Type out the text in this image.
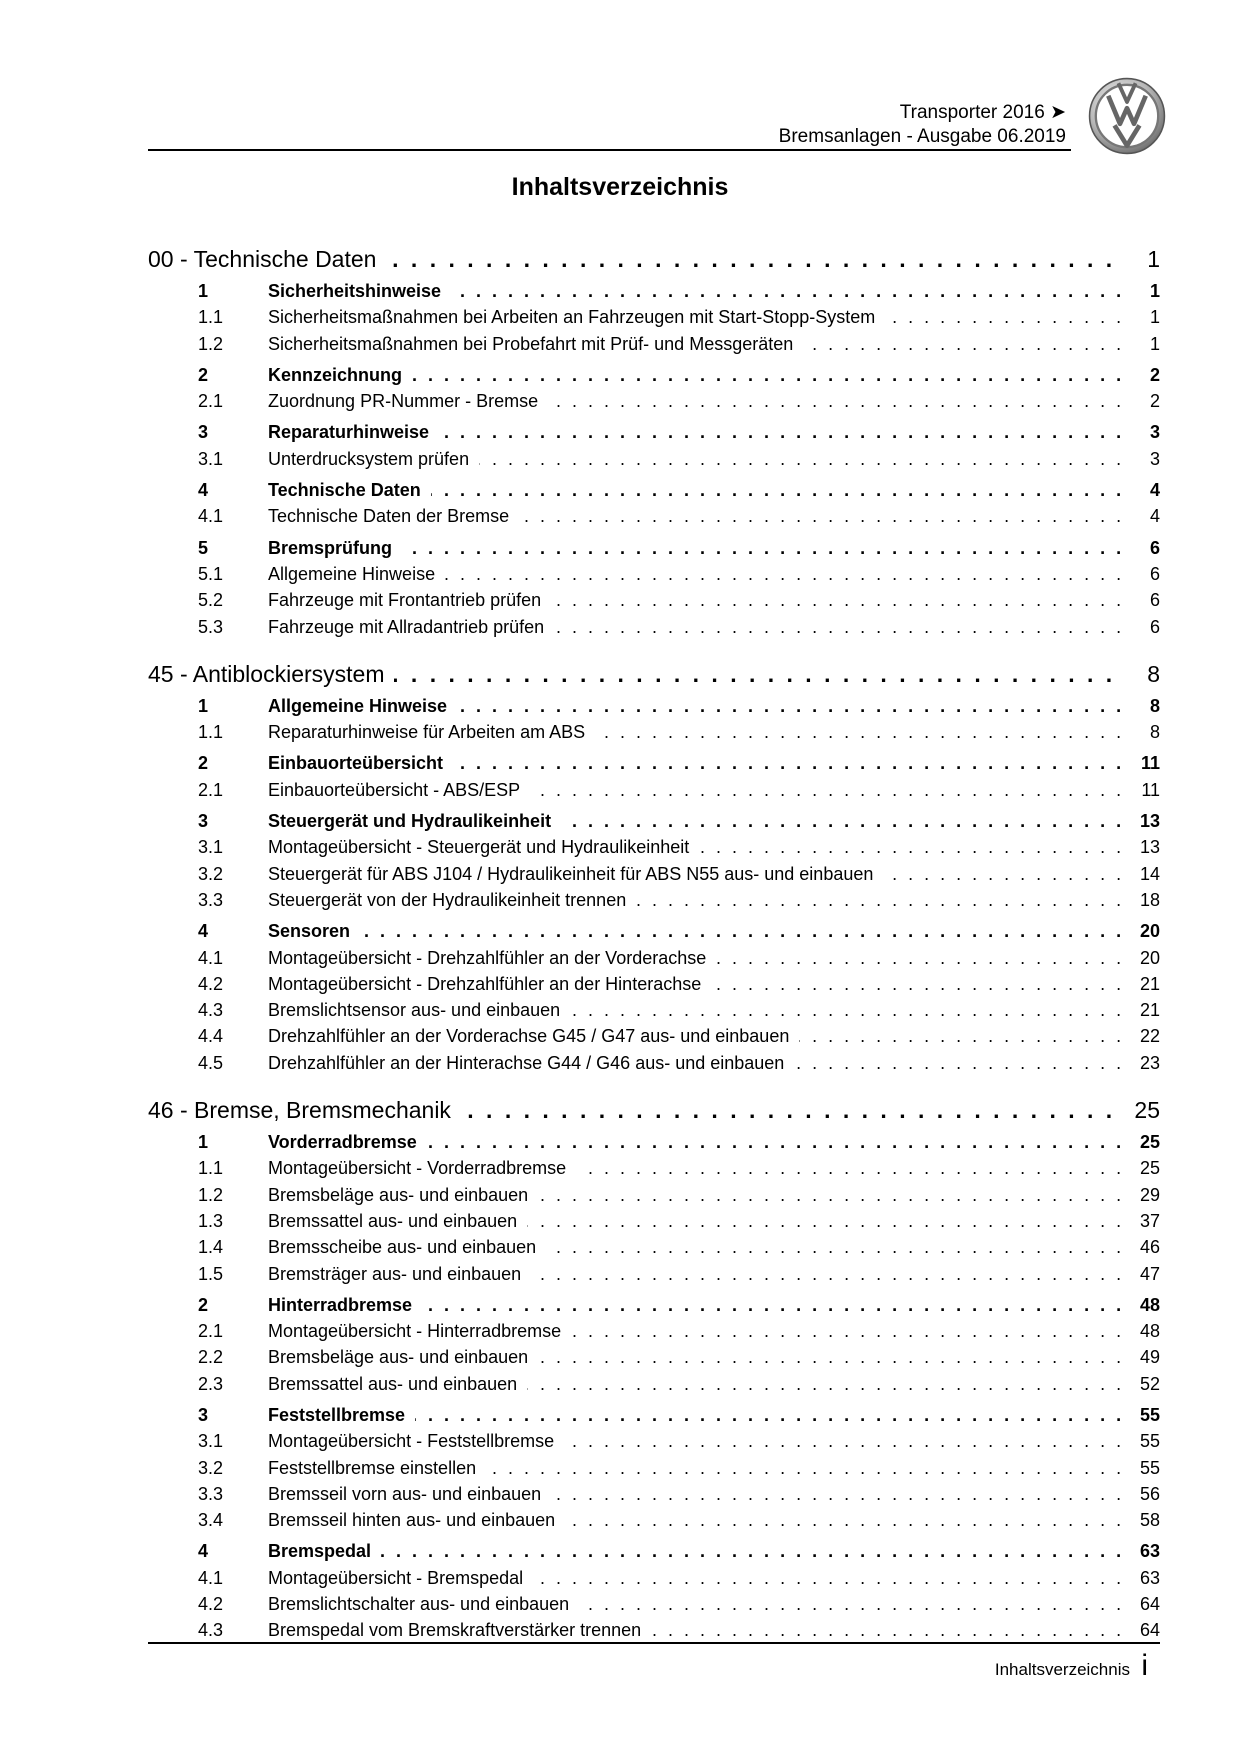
Transporter 2016 ➤
Bremsanlagen - Ausgabe 06.2019
Inhaltsverzeichnis
. . .
00 - Technische Daten	1
1 . . .	Sicherheitshinweise	1
1.1 . . . Sicherheitsmaßnahmen bei Arbeiten an Fahrzeugen mit Start-Stopp-System	1
1.2 . . . Sicherheitsmaßnahmen bei Probefahrt mit Prüf- und Messgeräten	1
2 . . .	Kennzeichnung	2
2.1 . . . Zuordnung PR-Nummer - Bremse	2
3 . . .	Reparaturhinweise	3
3.1 . . . Unterdrucksystem prüfen	3
4 . . .	Technische Daten	4
4.1 . . . Technische Daten der Bremse	4
5 . . .	Bremsprüfung	6
5.1 . . . Allgemeine Hinweise	6
5.2 . . . Fahrzeuge mit Frontantrieb prüfen	6
5.3 . . . Fahrzeuge mit Allradantrieb prüfen	6
. . .
45 - Antiblockiersystem	8
1 . . .	Allgemeine Hinweise	8
1.1 . . . Reparaturhinweise für Arbeiten am ABS	8
2 . . .	Einbauorteübersicht	11
2.1 . . . Einbauorteübersicht - ABS/ESP	11
3 . . .	Steuergerät und Hydraulikeinheit	13
3.1 . . . Montageübersicht - Steuergerät und Hydraulikeinheit	13
3.2 . . . Steuergerät für ABS J104 / Hydraulikeinheit für ABS N55 aus- und einbauen	14
3.3 . . . Steuergerät von der Hydraulikeinheit trennen	18
4 . . .	Sensoren	20
4.1 . . . Montageübersicht - Drehzahlfühler an der Vorderachse	20
4.2 . . . Montageübersicht - Drehzahlfühler an der Hinterachse	21
4.3 . . . Bremslichtsensor aus- und einbauen	21
4.4 . . . Drehzahlfühler an der Vorderachse G45 / G47 aus- und einbauen	22
4.5 . . . Drehzahlfühler an der Hinterachse G44 / G46 aus- und einbauen	23
. . .
46 - Bremse, Bremsmechanik	25
1 . . .	Vorderradbremse	25
1.1 . . . Montageübersicht - Vorderradbremse	25
1.2 . . . Bremsbeläge aus- und einbauen	29
1.3 . . . Bremssattel aus- und einbauen	37
1.4 . . . Bremsscheibe aus- und einbauen	46
1.5 . . . Bremsträger aus- und einbauen	47
2 . . .	Hinterradbremse	48
2.1 . . . Montageübersicht - Hinterradbremse	48
2.2 . . . Bremsbeläge aus- und einbauen	49
2.3 . . . Bremssattel aus- und einbauen	52
3 . . .	Feststellbremse	55
3.1 . . . Montageübersicht - Feststellbremse	55
3.2 . . . Feststellbremse einstellen	55
3.3 . . . Bremsseil vorn aus- und einbauen	56
3.4 . . . Bremsseil hinten aus- und einbauen	58
4 . . .	Bremspedal	63
4.1 . . . Montageübersicht - Bremspedal	63
4.2 . . . Bremslichtschalter aus- und einbauen	64
4.3 . . . Bremspedal vom Bremskraftverstärker trennen	64
Inhaltsverzeichnis i
